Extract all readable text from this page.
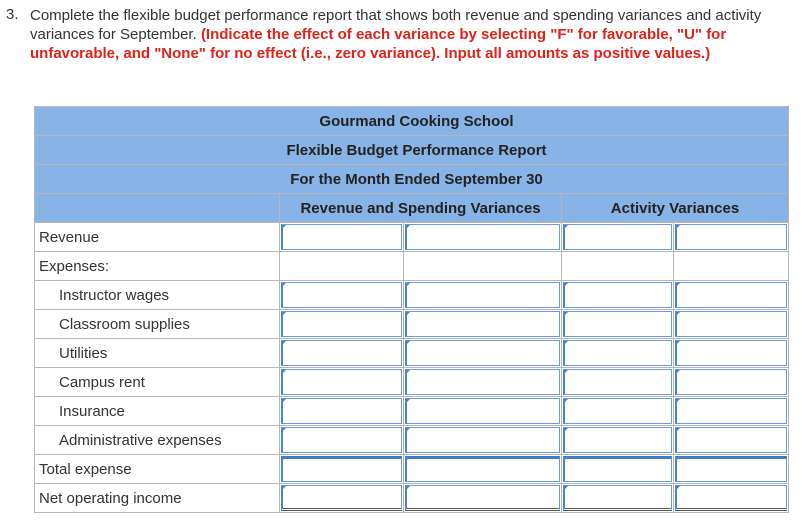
3. Complete the flexible budget performance report that shows both revenue and spending variances and activity variances for September. (Indicate the effect of each variance by selecting "F" for favorable, "U" for unfavorable, and "None" for no effect (i.e., zero variance). Input all amounts as positive values.)
Gourmand Cooking School				
Flexible Budget Performance Report				
For the Month Ended September 30				
	Revenue and Spending Variances		Activity Variances	
Revenue	

Expenses:				
Instructor wages	

Classroom supplies	

Utilities	

Campus rent	

Insurance	

Administrative expenses	

Total expense	

Net operating income	
